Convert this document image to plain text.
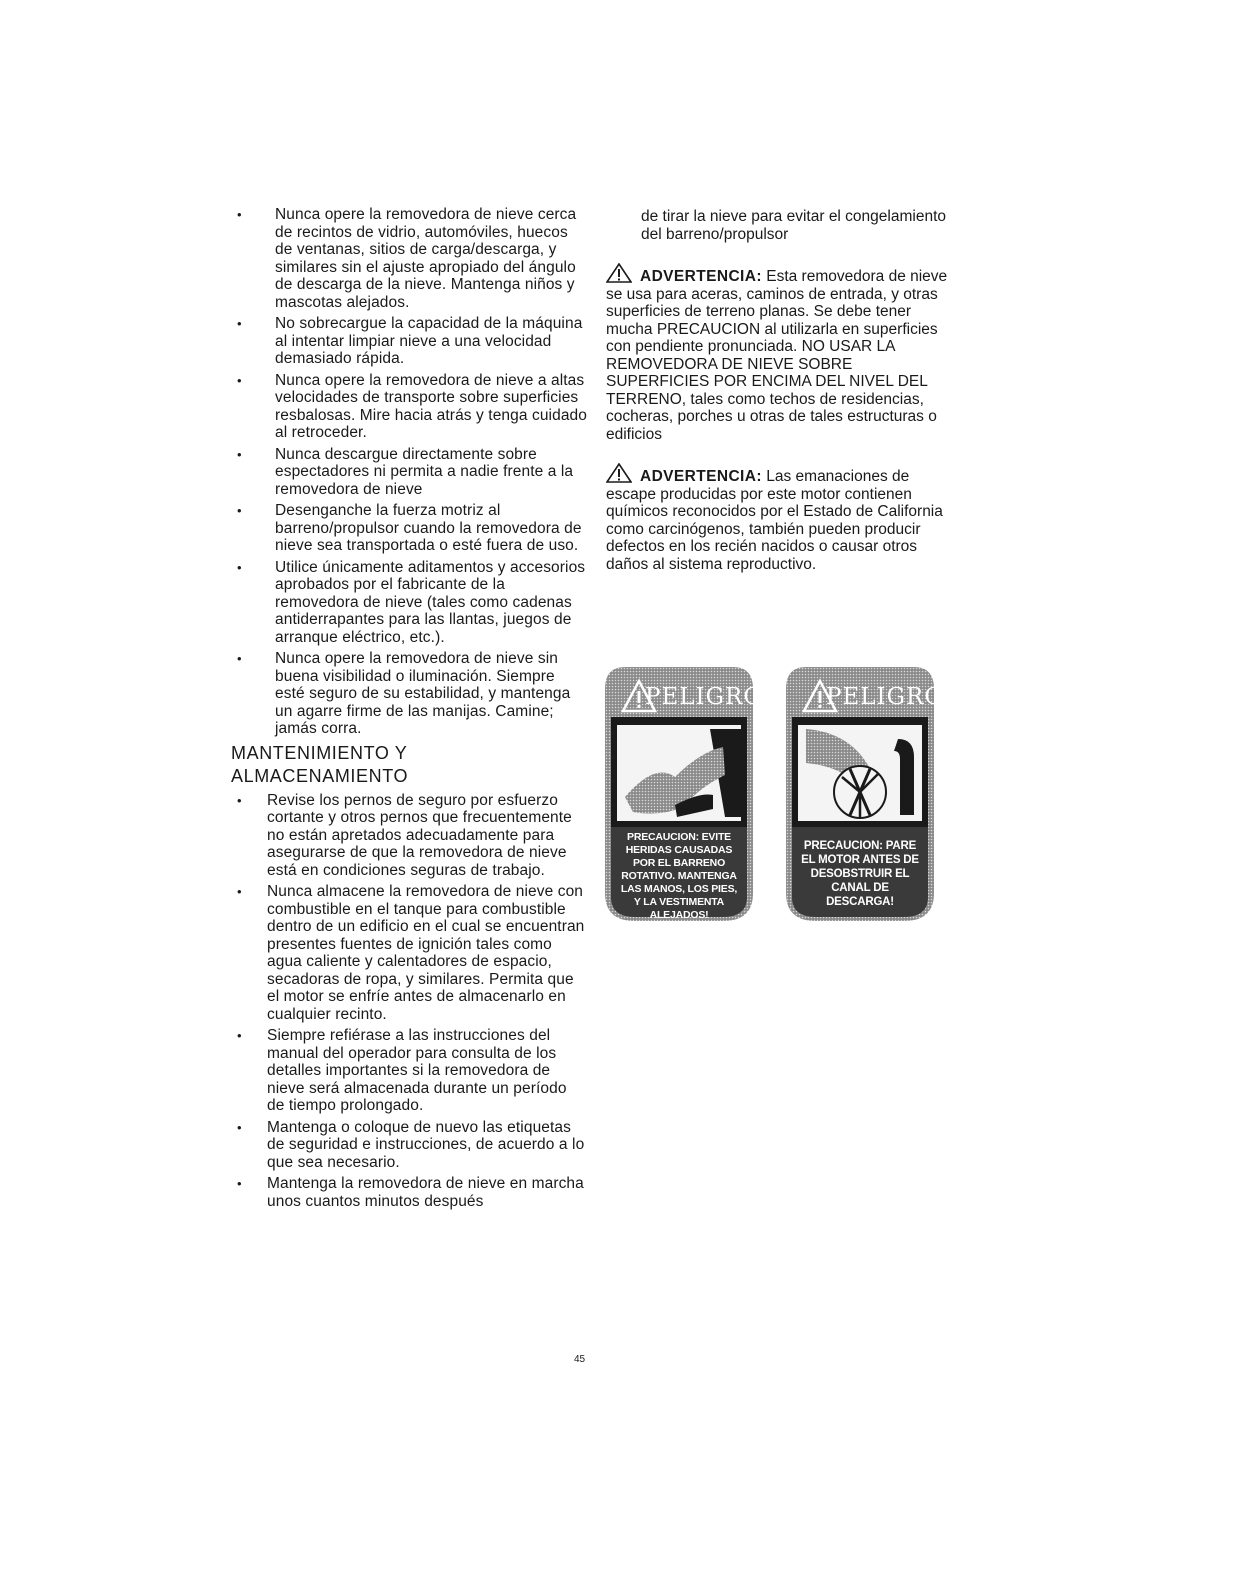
• Nunca opere la removedora de nieve cerca de recintos de vidrio, automóviles, huecos de ventanas, sitios de carga/descarga, y similares sin el ajuste apropiado del ángulo de descarga de la nieve. Mantenga niños y mascotas alejados.
• No sobrecargue la capacidad de la máquina al intentar limpiar nieve a una velocidad demasiado rápida.
• Nunca opere la removedora de nieve a altas velocidades de transporte sobre superficies resbalosas. Mire hacia atrás y tenga cuidado al retroceder.
• Nunca descargue directamente sobre espectadores ni permita a nadie frente a la removedora de nieve
• Desenganche la fuerza motriz al barreno/propulsor cuando la removedora de nieve sea transportada o esté fuera de uso.
• Utilice únicamente aditamentos y accesorios aprobados por el fabricante de la removedora de nieve (tales como cadenas antiderrapantes para las llantas, juegos de arranque eléctrico, etc.).
• Nunca opere la removedora de nieve sin buena visibilidad o iluminación. Siempre esté seguro de su estabilidad, y mantenga un agarre firme de las manijas. Camine; jamás corra.
MANTENIMIENTO Y
ALMACENAMIENTO
• Revise los pernos de seguro por esfuerzo cortante y otros pernos que frecuentemente no están apretados adecuadamente para asegurarse de que la removedora de nieve está en condiciones seguras de trabajo.
• Nunca almacene la removedora de nieve con combustible en el tanque para combustible dentro de un edificio en el cual se encuentran presentes fuentes de ignición tales como agua caliente y calentadores de espacio, secadoras de ropa, y similares. Permita que el motor se enfríe antes de almacenarlo en cualquier recinto.
• Siempre refiérase a las instrucciones del manual del operador para consulta de los detalles importantes si la removedora de nieve será almacenada durante un período de tiempo prolongado.
• Mantenga o coloque de nuevo las etiquetas de seguridad e instrucciones, de acuerdo a lo que sea necesario.
• Mantenga la removedora de nieve en marcha unos cuantos minutos después
de tirar la nieve para evitar el congelamiento del barreno/propulsor
ADVERTENCIA: Esta removedora de nieve se usa para aceras, caminos de entrada, y otras superficies de terreno planas. Se debe tener mucha PRECAUCION al utilizarla en superficies con pendiente pronunciada. NO USAR LA REMOVEDORA DE NIEVE SOBRE SUPERFICIES POR ENCIMA DEL NIVEL DEL TERRENO, tales como techos de residencias, cocheras, porches u otras de tales estructuras o edificios
ADVERTENCIA: Las emanaciones de escape producidas por este motor contienen químicos reconocidos por el Estado de California como carcinógenos, también pueden producir defectos en los recién nacidos o causar otros daños al sistema reproductivo.
PELIGRO
PRECAUCION: EVITE HERIDAS CAUSADAS POR EL BARRENO ROTATIVO. MANTENGA LAS MANOS, LOS PIES, Y LA VESTIMENTA ALEJADOS!
PELIGRO
PRECAUCION: PARE EL MOTOR ANTES DE DESOBSTRUIR EL CANAL DE DESCARGA!
45
